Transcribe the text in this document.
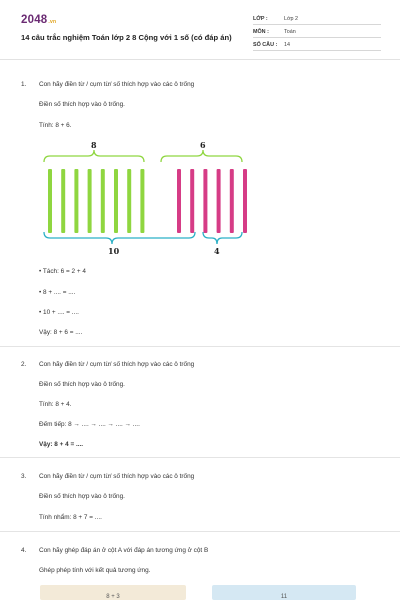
2048.vn
14 câu trắc nghiệm Toán lớp 2 8 Cộng với 1 số (có đáp án)
LỚP :	Lớp 2
MÔN :	Toán
SỐ CÂU : 14
1. Con hãy điền từ / cụm từ/ số thích hợp vào các ô trống
Điền số thích hợp vào ô trống.
Tính: 8 + 6.
8	6
10	4
• Tách: 6 = 2 + 4
• 8 + .... = ....
• 10 + .... = ....
Vậy: 8 + 6 = ....
2. Con hãy điền từ / cụm từ/ số thích hợp vào các ô trống
Điền số thích hợp vào ô trống.
Tính: 8 + 4.
Đếm tiếp: 8 → .... → .... → .... → ....
Vậy: 8 + 4 = ....
3. Con hãy điền từ / cụm từ/ số thích hợp vào các ô trống
Điền số thích hợp vào ô trống.
Tính nhẩm: 8 + 7 = ....
4. Con hãy ghép đáp án ở cột A với đáp án tương ứng ở cột B
Ghép phép tính với kết quả tương ứng.
8 + 3	11
